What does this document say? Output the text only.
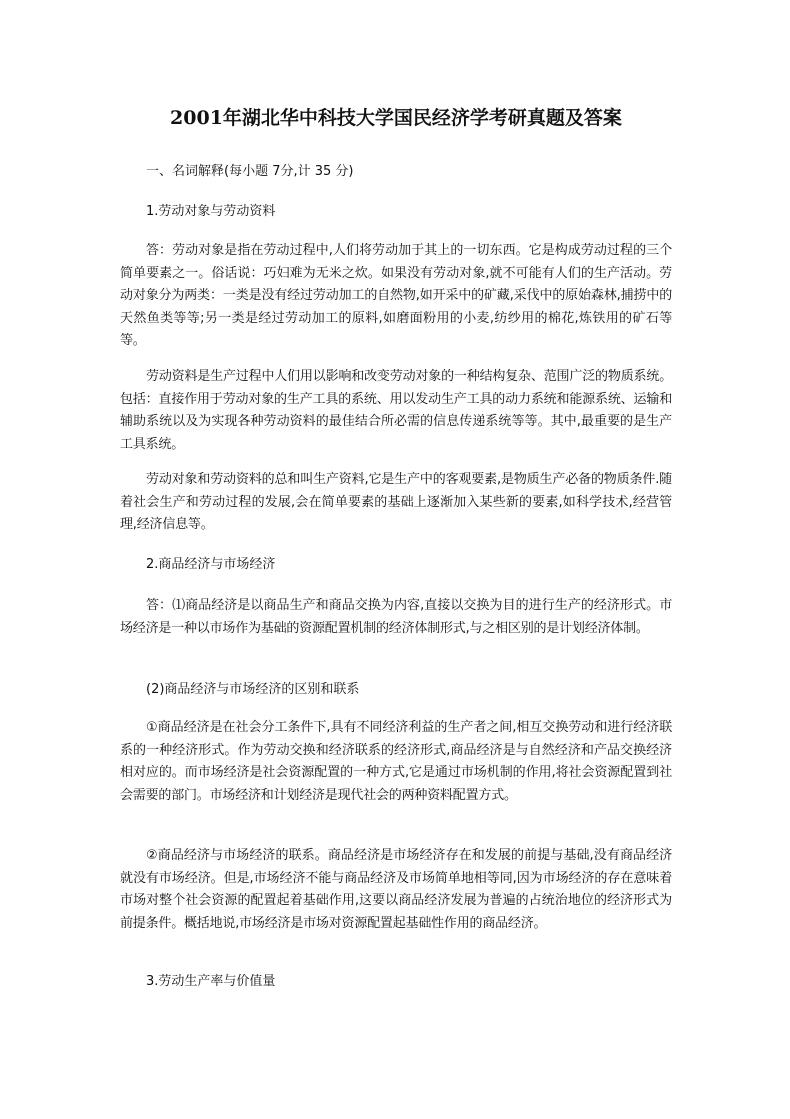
2001年湖北华中科技大学国民经济学考研真题及答案

一、名词解释(每小题 7分,计 35 分)

1.劳动对象与劳动资料

答：劳动对象是指在劳动过程中,人们将劳动加于其上的一切东西。它是构成劳动过程的三个简单要素之一。俗话说：巧妇难为无米之炊。如果没有劳动对象,就不可能有人们的生产活动。劳动对象分为两类：一类是没有经过劳动加工的自然物,如开采中的矿藏,采伐中的原始森林,捕捞中的天然鱼类等等;另一类是经过劳动加工的原料,如磨面粉用的小麦,纺纱用的棉花,炼铁用的矿石等等。

劳动资料是生产过程中人们用以影响和改变劳动对象的一种结构复杂、范围广泛的物质系统。包括：直接作用于劳动对象的生产工具的系统、用以发动生产工具的动力系统和能源系统、运输和辅助系统以及为实现各种劳动资料的最佳结合所必需的信息传递系统等等。其中,最重要的是生产工具系统。

劳动对象和劳动资料的总和叫生产资料,它是生产中的客观要素,是物质生产必备的物质条件.随着社会生产和劳动过程的发展,会在简单要素的基础上逐渐加入某些新的要素,如科学技术,经营管理,经济信息等。

2.商品经济与市场经济

答：⑴商品经济是以商品生产和商品交换为内容,直接以交换为目的进行生产的经济形式。市场经济是一种以市场作为基础的资源配置机制的经济体制形式,与之相区别的是计划经济体制。

(2)商品经济与市场经济的区别和联系

①商品经济是在社会分工条件下,具有不同经济利益的生产者之间,相互交换劳动和进行经济联系的一种经济形式。作为劳动交换和经济联系的经济形式,商品经济是与自然经济和产品交换经济相对应的。而市场经济是社会资源配置的一种方式,它是通过市场机制的作用,将社会资源配置到社会需要的部门。市场经济和计划经济是现代社会的两种资料配置方式。

②商品经济与市场经济的联系。商品经济是市场经济存在和发展的前提与基础,没有商品经济就没有市场经济。但是,市场经济不能与商品经济及市场简单地相等同,因为市场经济的存在意味着市场对整个社会资源的配置起着基础作用,这要以商品经济发展为普遍的占统治地位的经济形式为前提条件。概括地说,市场经济是市场对资源配置起基础性作用的商品经济。

3.劳动生产率与价值量
